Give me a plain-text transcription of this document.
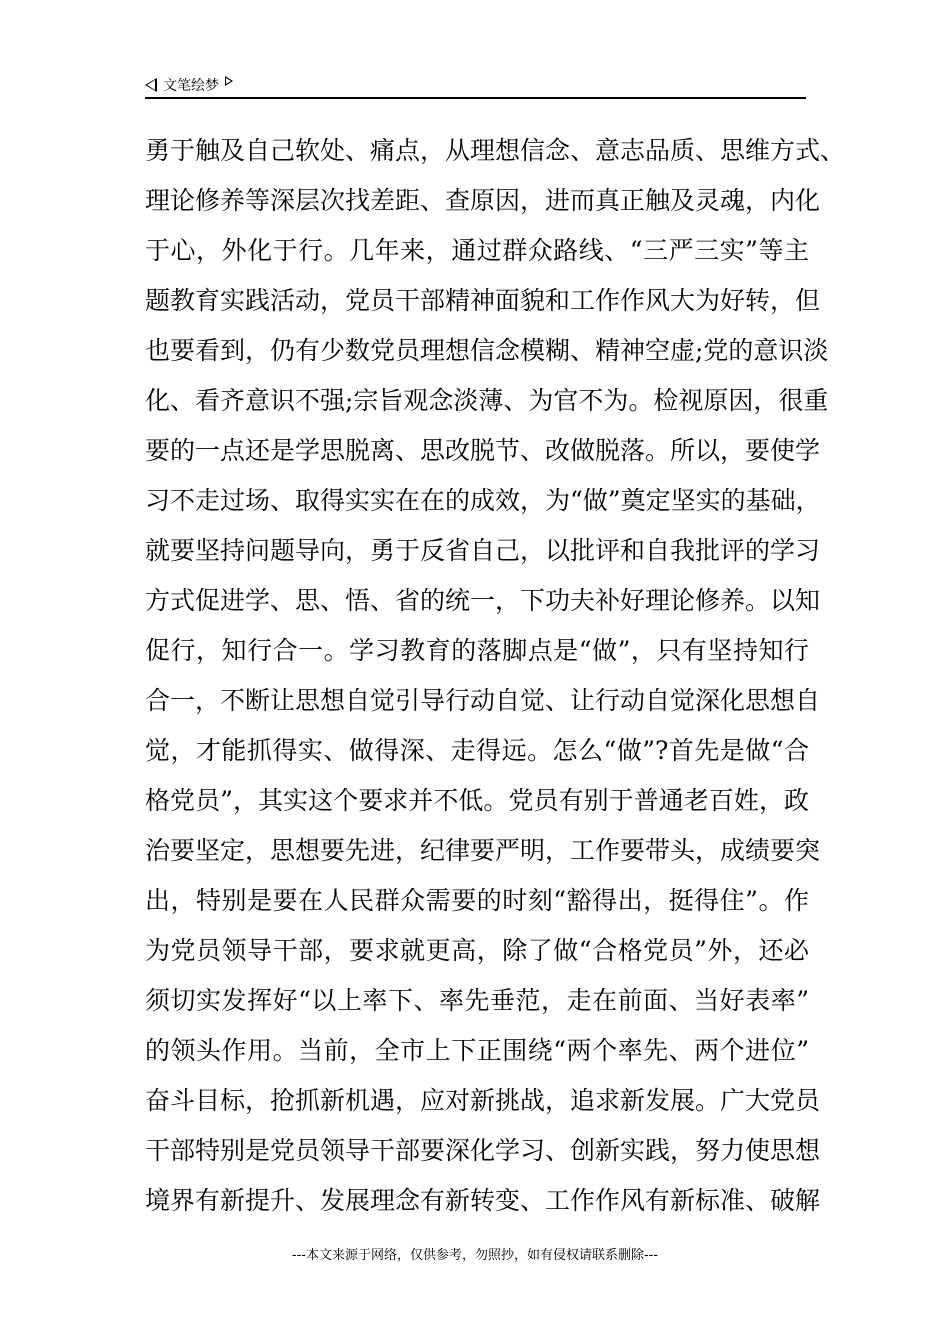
文笔绘梦
勇于触及自己软处、痛点，从理想信念、意志品质、思维方式、
理论修养等深层次找差距、查原因，进而真正触及灵魂，内化
于心，外化于行。几年来，通过群众路线、“三严三实”等主
题教育实践活动，党员干部精神面貌和工作作风大为好转，但
也要看到，仍有少数党员理想信念模糊、精神空虚;党的意识淡
化、看齐意识不强;宗旨观念淡薄、为官不为。检视原因，很重
要的一点还是学思脱离、思改脱节、改做脱落。所以，要使学
习不走过场、取得实实在在的成效，为“做”奠定坚实的基础，
就要坚持问题导向，勇于反省自己，以批评和自我批评的学习
方式促进学、思、悟、省的统一，下功夫补好理论修养。以知
促行，知行合一。学习教育的落脚点是“做”，只有坚持知行
合一，不断让思想自觉引导行动自觉、让行动自觉深化思想自
觉，才能抓得实、做得深、走得远。怎么“做”?首先是做“合
格党员”，其实这个要求并不低。党员有别于普通老百姓，政
治要坚定，思想要先进，纪律要严明，工作要带头，成绩要突
出，特别是要在人民群众需要的时刻“豁得出，挺得住”。作
为党员领导干部，要求就更高，除了做“合格党员”外，还必
须切实发挥好“以上率下、率先垂范，走在前面、当好表率”
的领头作用。当前，全市上下正围绕“两个率先、两个进位”
奋斗目标，抢抓新机遇，应对新挑战，追求新发展。广大党员
干部特别是党员领导干部要深化学习、创新实践，努力使思想
境界有新提升、发展理念有新转变、工作作风有新标准、破解
---本文来源于网络，仅供参考，勿照抄，如有侵权请联系删除---
